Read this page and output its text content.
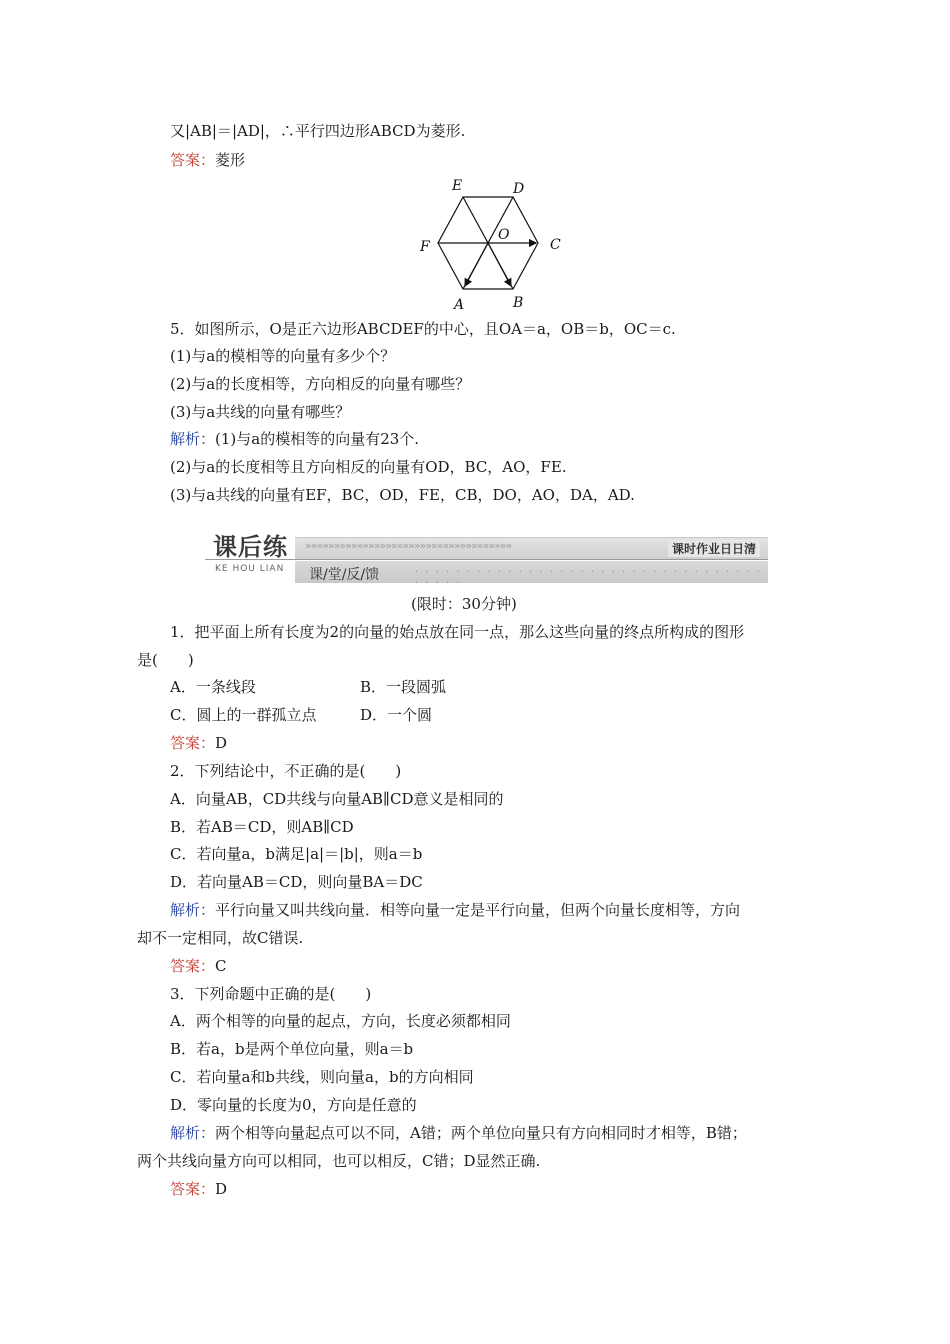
又|AB|＝|AD|，∴平行四边形ABCD为菱形.
答案：菱形
5．如图所示，O是正六边形ABCDEF的中心，且OA＝a，OB＝b，OC＝c.
(1)与a的模相等的向量有多少个？
(2)与a的长度相等，方向相反的向量有哪些？
(3)与a共线的向量有哪些？
解析：(1)与a的模相等的向量有23个.
(2)与a的长度相等且方向相反的向量有OD，BC，AO，FE.
(3)与a共线的向量有EF，BC，OD，FE，CB，DO，AO，DA，AD.
(限时：30分钟)
1．把平面上所有长度为2的向量的始点放在同一点，那么这些向量的终点所构成的图形
是(　　)
A．一条线段	B．一段圆弧
C．圆上的一群孤立点	D．一个圆
答案：D
2．下列结论中，不正确的是(　　)
A．向量AB，CD共线与向量AB∥CD意义是相同的
B．若AB＝CD，则AB∥CD
C．若向量a，b满足|a|＝|b|，则a＝b
D．若向量AB＝CD，则向量BA＝DC
解析：平行向量又叫共线向量．相等向量一定是平行向量，但两个向量长度相等，方向
却不一定相同，故C错误.
答案：C
3．下列命题中正确的是(　　)
A．两个相等的向量的起点，方向，长度必须都相同
B．若a，b是两个单位向量，则a＝b
C．若向量a和b共线，则向量a，b的方向相同
D．零向量的长度为0，方向是任意的
解析：两个相等向量起点可以不同，A错；两个单位向量只有方向相同时才相等，B错；
两个共线向量方向可以相同，也可以相反，C错；D显然正确.
答案：D
E	D
F
O
C
A	B
课后练
KE HOU LIAN
»»»»»»»»»»»»»»»»»»»»»»»»»»»»»»»»»»»»	课时作业日日清
课/堂/反/馈	· · · · · · · · · · · · · · · · · · · · · · · · · · · · · · · · · · · · · · ·
